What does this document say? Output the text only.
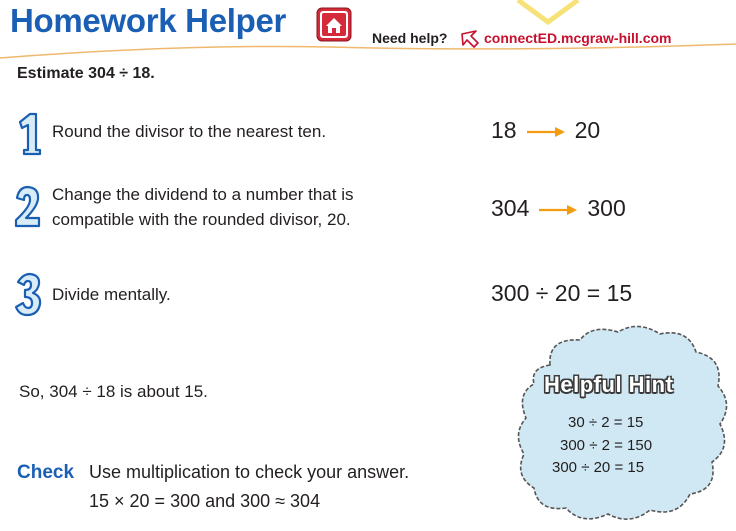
Homework Helper	Need help?	connectED.mcgraw-hill.com
Estimate 304 ÷ 18.
Round the divisor to the nearest ten.	18	20
Change the dividend to a number that is
compatible with the rounded divisor, 20.	304	300
Divide mentally.	300 ÷ 20 = 15
So, 304 ÷ 18 is about 15.
Check Use multiplication to check your answer.
15 × 20 = 300 and 300 ≈ 304
Helpful Hint
30 ÷ 2 = 15
300 ÷ 2 = 150
300 ÷ 20 = 15
